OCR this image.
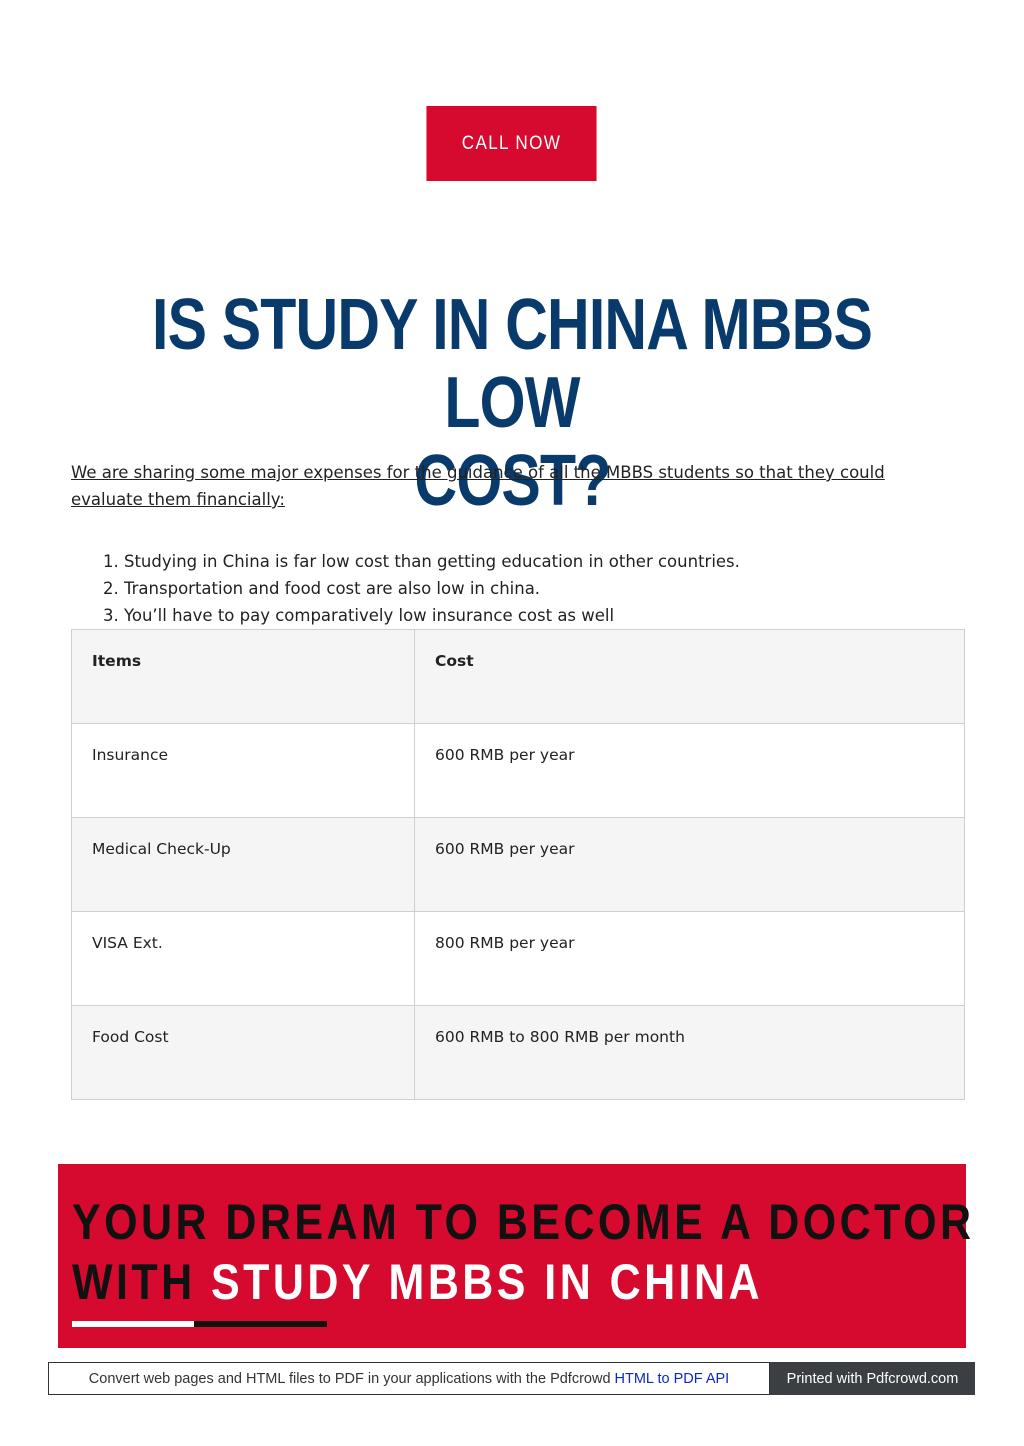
CALL NOW
IS STUDY IN CHINA MBBS LOW
COST?

We are sharing some major expenses for the guidance of all the MBBS students so that they could evaluate them financially:

1. Studying in China is far low cost than getting education in other countries.
2. Transportation and food cost are also low in china.
3. You’ll have to pay comparatively low insurance cost as well
Items	Cost
Insurance	600 RMB per year
Medical Check-Up	600 RMB per year
VISA Ext.	800 RMB per year
Food Cost	600 RMB to 800 RMB per month
YOUR DREAM TO BECOME A DOCTOR
WITH STUDY MBBS IN CHINA
Convert web pages and HTML files to PDF in your applications with the Pdfcrowd HTML to PDF API	Printed with Pdfcrowd.com
